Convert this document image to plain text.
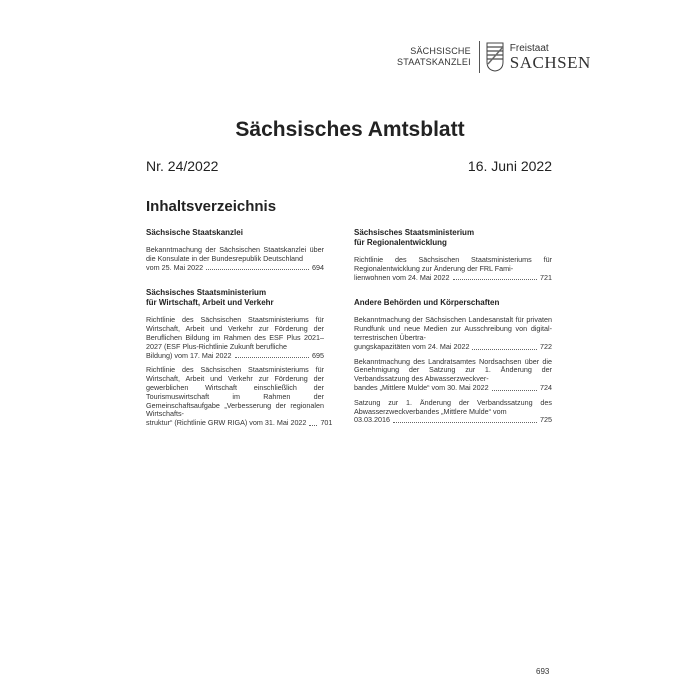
SÄCHSISCHE
STAATSKANZLEI
Freistaat
SACHSEN
Sächsisches Amtsblatt
Nr. 24/2022	16. Juni 2022
Inhaltsverzeichnis
Sächsische Staatskanzlei
Bekanntmachung der Sächsischen Staatskanzlei über die Konsulate in der Bundesrepublik Deutschland
vom 25. Mai 2022	694
Sächsisches Staatsministerium
für Wirtschaft, Arbeit und Verkehr
Richtlinie des Sächsischen Staatsministeriums für Wirtschaft, Arbeit und Verkehr zur Förderung der Beruflichen Bildung im Rahmen des ESF Plus 2021–2027 (ESF Plus-Richtlinie Zukunft berufliche
Bildung) vom 17. Mai 2022	695
Richtlinie des Sächsischen Staatsministeriums für Wirtschaft, Arbeit und Verkehr zur Förderung der gewerblichen Wirtschaft einschließlich der Tourismuswirtschaft im Rahmen der Gemeinschaftsaufgabe „Verbesserung der regionalen Wirtschafts-
struktur“ (Richtlinie GRW RIGA) vom 31. Mai 2022 701
Sächsisches Staatsministerium
für Regionalentwicklung
Richtlinie des Sächsischen Staatsministeriums für Regionalentwicklung zur Änderung der FRL Fami-
lienwohnen vom 24. Mai 2022	721
Andere Behörden und Körperschaften
Bekanntmachung der Sächsischen Landesanstalt für privaten Rundfunk und neue Medien zur Ausschreibung von digital-terrestrischen Übertra-
gungskapazitäten vom 24. Mai 2022	722
Bekanntmachung des Landratsamtes Nordsachsen über die Genehmigung der Satzung zur 1. Änderung der Verbandssatzung des Abwasserzweckver-
bandes „Mittlere Mulde“ vom 30. Mai 2022	724
Satzung zur 1. Änderung der Verbandssatzung des Abwasserzweckverbandes „Mittlere Mulde“ vom
03.03.2016	725
693
